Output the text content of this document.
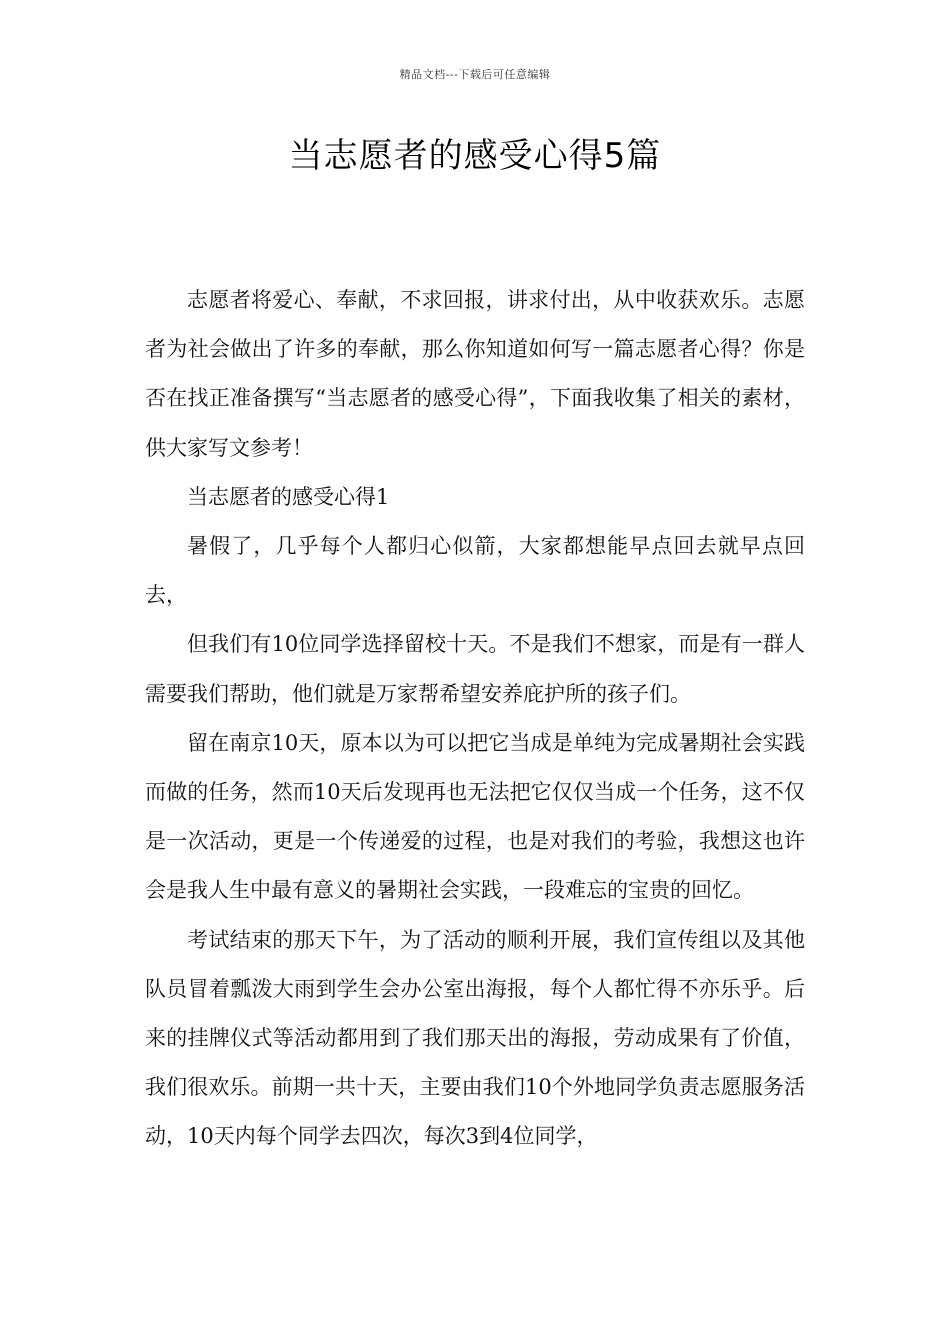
精品文档---下载后可任意编辑
当志愿者的感受心得5篇

志愿者将爱心、奉献，不求回报，讲求付出，从中收获欢乐。志愿者为社会做出了许多的奉献，那么你知道如何写一篇志愿者心得？你是否在找正准备撰写“当志愿者的感受心得”，下面我收集了相关的素材，供大家写文参考！

当志愿者的感受心得1

暑假了，几乎每个人都归心似箭，大家都想能早点回去就早点回去，

但我们有10位同学选择留校十天。不是我们不想家，而是有一群人需要我们帮助，他们就是万家帮希望安养庇护所的孩子们。

留在南京10天，原本以为可以把它当成是单纯为完成暑期社会实践而做的任务，然而10天后发现再也无法把它仅仅当成一个任务，这不仅是一次活动，更是一个传递爱的过程，也是对我们的考验，我想这也许会是我人生中最有意义的暑期社会实践，一段难忘的宝贵的回忆。

考试结束的那天下午，为了活动的顺利开展，我们宣传组以及其他队员冒着瓢泼大雨到学生会办公室出海报，每个人都忙得不亦乐乎。后来的挂牌仪式等活动都用到了我们那天出的海报，劳动成果有了价值，我们很欢乐。前期一共十天，主要由我们10个外地同学负责志愿服务活动，10天内每个同学去四次，每次3到4位同学，
